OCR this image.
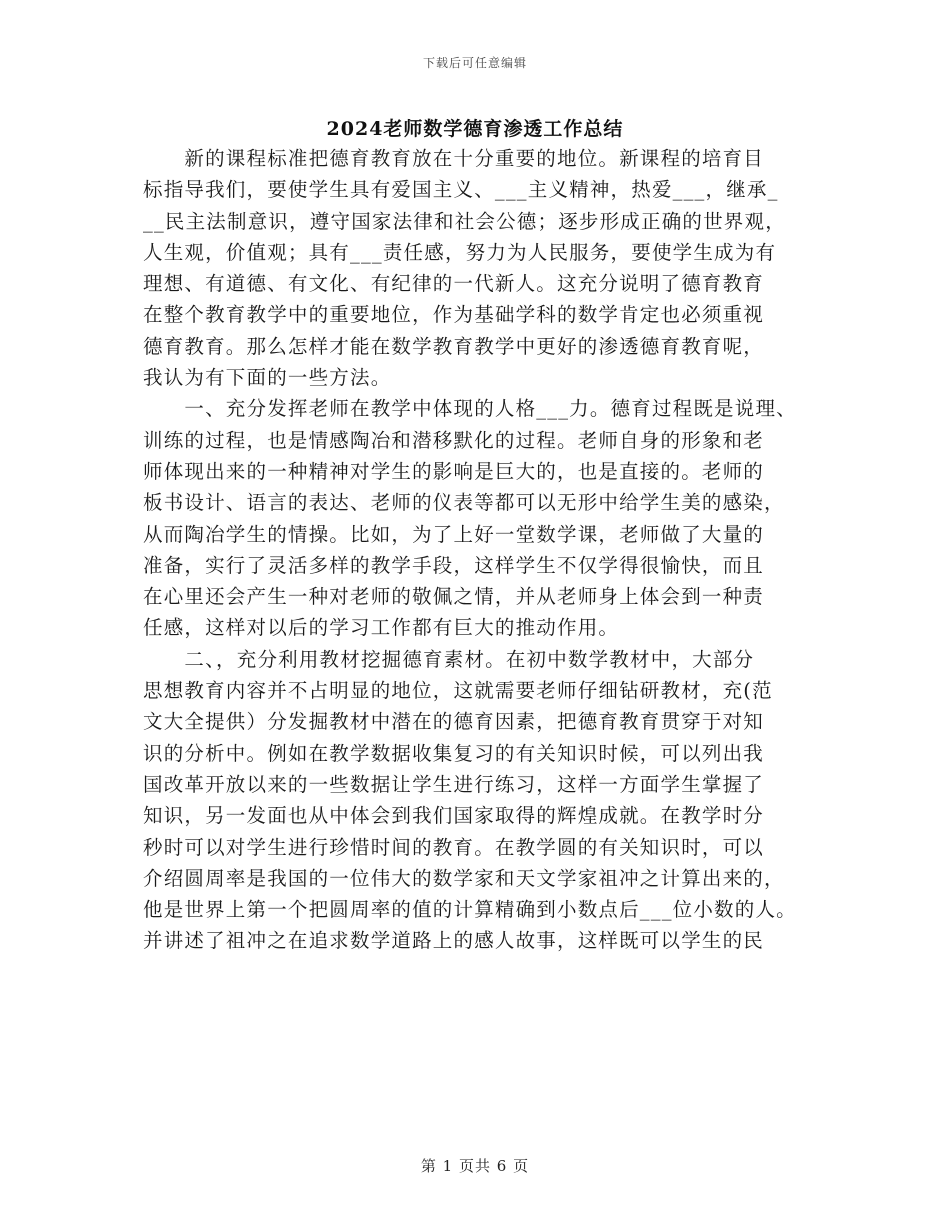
下载后可任意编辑
2024老师数学德育渗透工作总结
　　新的课程标准把德育教育放在十分重要的地位。新课程的培育目
标指导我们，要使学生具有爱国主义、___主义精神，热爱___，继承_
__民主法制意识，遵守国家法律和社会公德；逐步形成正确的世界观，
人生观，价值观；具有___责任感，努力为人民服务，要使学生成为有
理想、有道德、有文化、有纪律的一代新人。这充分说明了德育教育
在整个教育教学中的重要地位，作为基础学科的数学肯定也必须重视
德育教育。那么怎样才能在数学教育教学中更好的渗透德育教育呢，
我认为有下面的一些方法。
　　一、充分发挥老师在教学中体现的人格___力。德育过程既是说理、
训练的过程，也是情感陶冶和潜移默化的过程。老师自身的形象和老
师体现出来的一种精神对学生的影响是巨大的，也是直接的。老师的
板书设计、语言的表达、老师的仪表等都可以无形中给学生美的感染，
从而陶冶学生的情操。比如，为了上好一堂数学课，老师做了大量的
准备，实行了灵活多样的教学手段，这样学生不仅学得很愉快，而且
在心里还会产生一种对老师的敬佩之情，并从老师身上体会到一种责
任感，这样对以后的学习工作都有巨大的推动作用。
　　二、，充分利用教材挖掘德育素材。在初中数学教材中，大部分
思想教育内容并不占明显的地位，这就需要老师仔细钻研教材，充(范
文大全提供）分发掘教材中潜在的德育因素，把德育教育贯穿于对知
识的分析中。例如在教学数据收集复习的有关知识时候，可以列出我
国改革开放以来的一些数据让学生进行练习，这样一方面学生掌握了
知识，另一发面也从中体会到我们国家取得的辉煌成就。在教学时分
秒时可以对学生进行珍惜时间的教育。在教学圆的有关知识时，可以
介绍圆周率是我国的一位伟大的数学家和天文学家祖冲之计算出来的，
他是世界上第一个把圆周率的值的计算精确到小数点后___位小数的人。
并讲述了祖冲之在追求数学道路上的感人故事，这样既可以学生的民
第 1 页共 6 页
